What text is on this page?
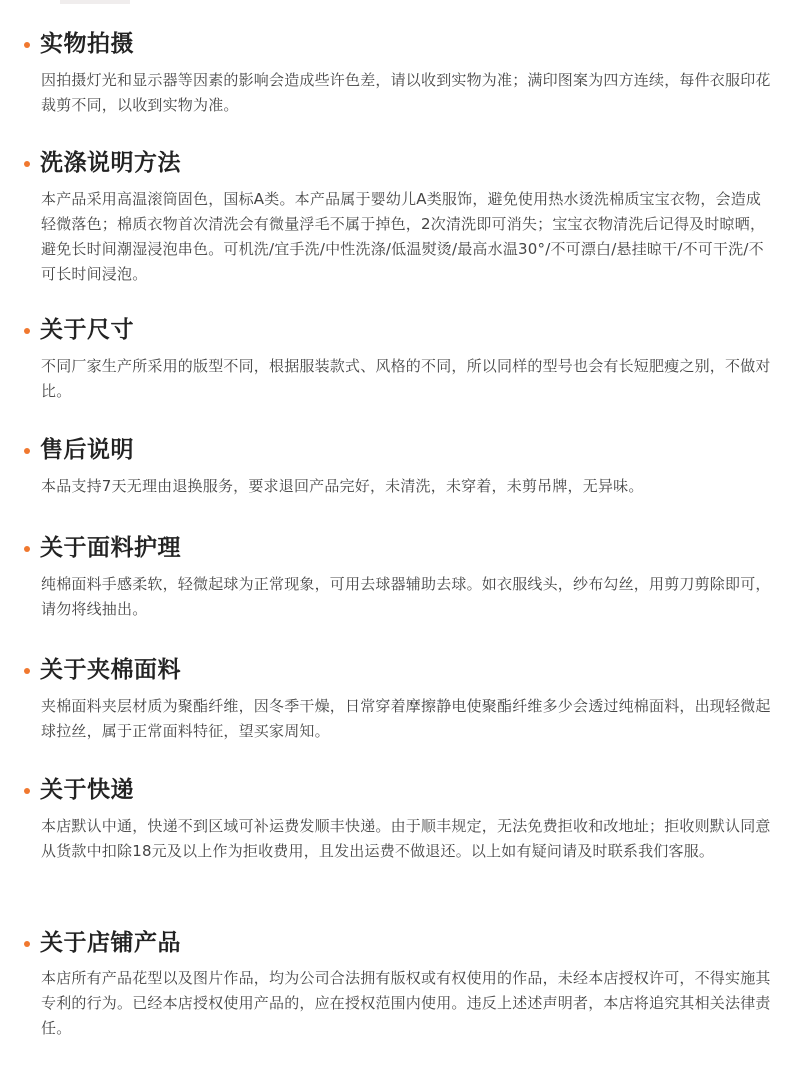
实物拍摄

因拍摄灯光和显示器等因素的影响会造成些许色差，请以收到实物为准；满印图案为四方连续，每件衣服印花裁剪不同，以收到实物为准。

洗涤说明方法

本产品采用高温滚筒固色，国标A类。本产品属于婴幼儿A类服饰，避免使用热水烫洗棉质宝宝衣物，会造成轻微落色；棉质衣物首次清洗会有微量浮毛不属于掉色，2次清洗即可消失；宝宝衣物清洗后记得及时晾晒，避免长时间潮湿浸泡串色。可机洗/宜手洗/中性洗涤/低温熨烫/最高水温30°/不可漂白/悬挂晾干/不可干洗/不可长时间浸泡。

关于尺寸

不同厂家生产所采用的版型不同，根据服装款式、风格的不同，所以同样的型号也会有长短肥瘦之别，不做对比。

售后说明

本品支持7天无理由退换服务，要求退回产品完好，未清洗，未穿着，未剪吊牌，无异味。

关于面料护理

纯棉面料手感柔软，轻微起球为正常现象，可用去球器辅助去球。如衣服线头，纱布勾丝，用剪刀剪除即可，请勿将线抽出。

关于夹棉面料

夹棉面料夹层材质为聚酯纤维，因冬季干燥，日常穿着摩擦静电使聚酯纤维多少会透过纯棉面料，出现轻微起球拉丝，属于正常面料特征，望买家周知。

关于快递

本店默认中通，快递不到区域可补运费发顺丰快递。由于顺丰规定，无法免费拒收和改地址；拒收则默认同意从货款中扣除18元及以上作为拒收费用，且发出运费不做退还。以上如有疑问请及时联系我们客服。

关于店铺产品

本店所有产品花型以及图片作品，均为公司合法拥有版权或有权使用的作品，未经本店授权许可，不得实施其专利的行为。已经本店授权使用产品的，应在授权范围内使用。违反上述述声明者，本店将追究其相关法律责任。
